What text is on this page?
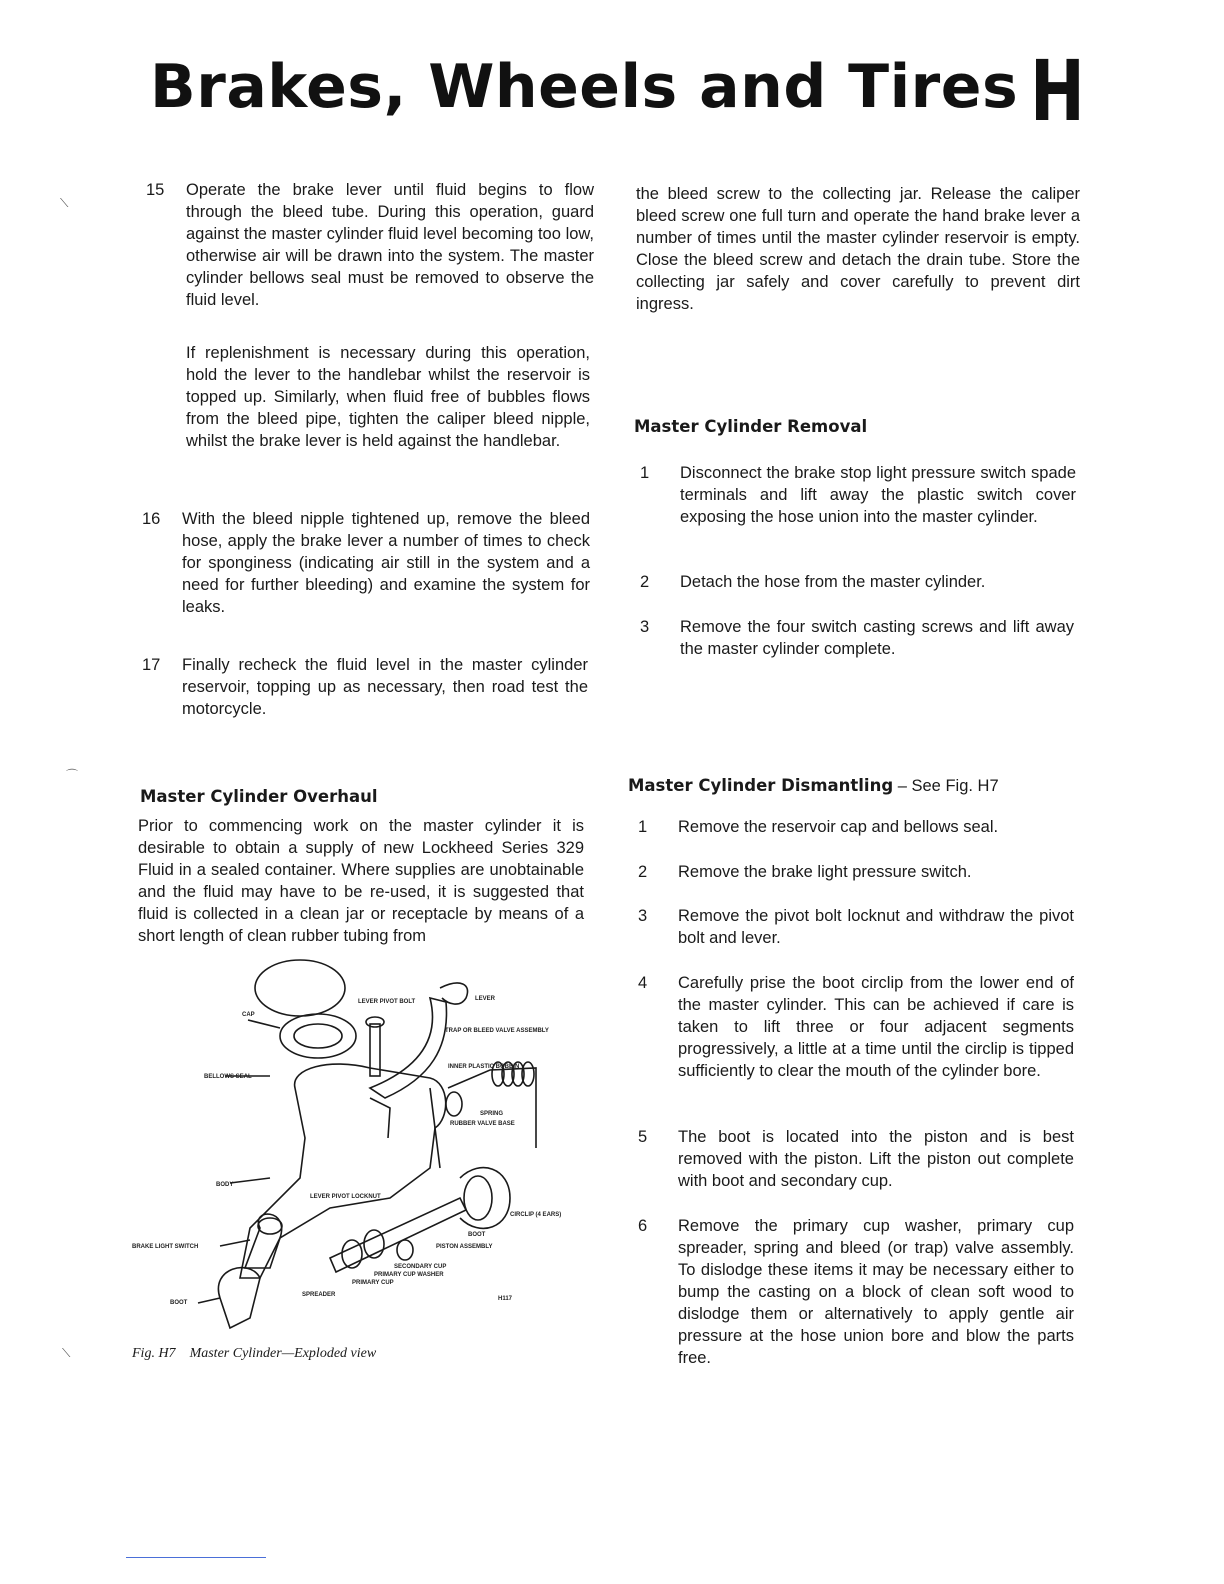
Brakes, Wheels and Tires H
15	Operate the brake lever until fluid begins to flow through the bleed tube. During this operation, guard against the master cylinder fluid level becoming too low, otherwise air will be drawn into the system. The master cylinder bellows seal must be removed to observe the fluid level.
If replenishment is necessary during this operation, hold the lever to the handlebar whilst the reservoir is topped up. Similarly, when fluid free of bubbles flows from the bleed pipe, tighten the caliper bleed nipple, whilst the brake lever is held against the handlebar.
16	With the bleed nipple tightened up, remove the bleed hose, apply the brake lever a number of times to check for sponginess (indicating air still in the system and a need for further bleeding) and examine the system for leaks.
17	Finally recheck the fluid level in the master cylinder reservoir, topping up as necessary, then road test the motorcycle.
Master Cylinder Overhaul
Prior to commencing work on the master cylinder it is desirable to obtain a supply of new Lockheed Series 329 Fluid in a sealed container. Where supplies are unobtainable and the fluid may have to be re-used, it is suggested that fluid is collected in a clean jar or receptacle by means of a short length of clean rubber tubing from
the bleed screw to the collecting jar. Release the caliper bleed screw one full turn and operate the hand brake lever a number of times until the master cylinder reservoir is empty. Close the bleed screw and detach the drain tube. Store the collecting jar safely and cover carefully to prevent dirt ingress.
Master Cylinder Removal
1	Disconnect the brake stop light pressure switch spade terminals and lift away the plastic switch cover exposing the hose union into the master cylinder.
2	Detach the hose from the master cylinder.
3	Remove the four switch casting screws and lift away the master cylinder complete.
Master Cylinder Dismantling – See Fig. H7
1	Remove the reservoir cap and bellows seal.
2	Remove the brake light pressure switch.
3	Remove the pivot bolt locknut and withdraw the pivot bolt and lever.
4	Carefully prise the boot circlip from the lower end of the master cylinder. This can be achieved if care is taken to lift three or four adjacent segments progressively, a little at a time until the circlip is tipped sufficiently to clear the mouth of the cylinder bore.
5	The boot is located into the piston and is best removed with the piston. Lift the piston out complete with boot and secondary cup.
6	Remove the primary cup washer, primary cup spreader, spring and bleed (or trap) valve assembly. To dislodge these items it may be necessary either to bump the casting on a block of clean soft wood to dislodge them or alternatively to apply gentle air pressure at the hose union bore and blow the parts free.
CAP
LEVER PIVOT BOLT	LEVER
TRAP OR BLEED VALVE ASSEMBLY
BELLOWS SEAL
INNER PLASTIC BOBBIN
SPRING
RUBBER VALVE BASE
BODY
LEVER PIVOT LOCKNUT
CIRCLIP (4 EARS)
BOOT
BRAKE LIGHT SWITCH	PISTON ASSEMBLY
SECONDARY CUP
PRIMARY CUP WASHER
PRIMARY CUP
SPREADER
BOOT
H117
Fig. H7 Master Cylinder—Exploded view
⟍
⌒
⟍
